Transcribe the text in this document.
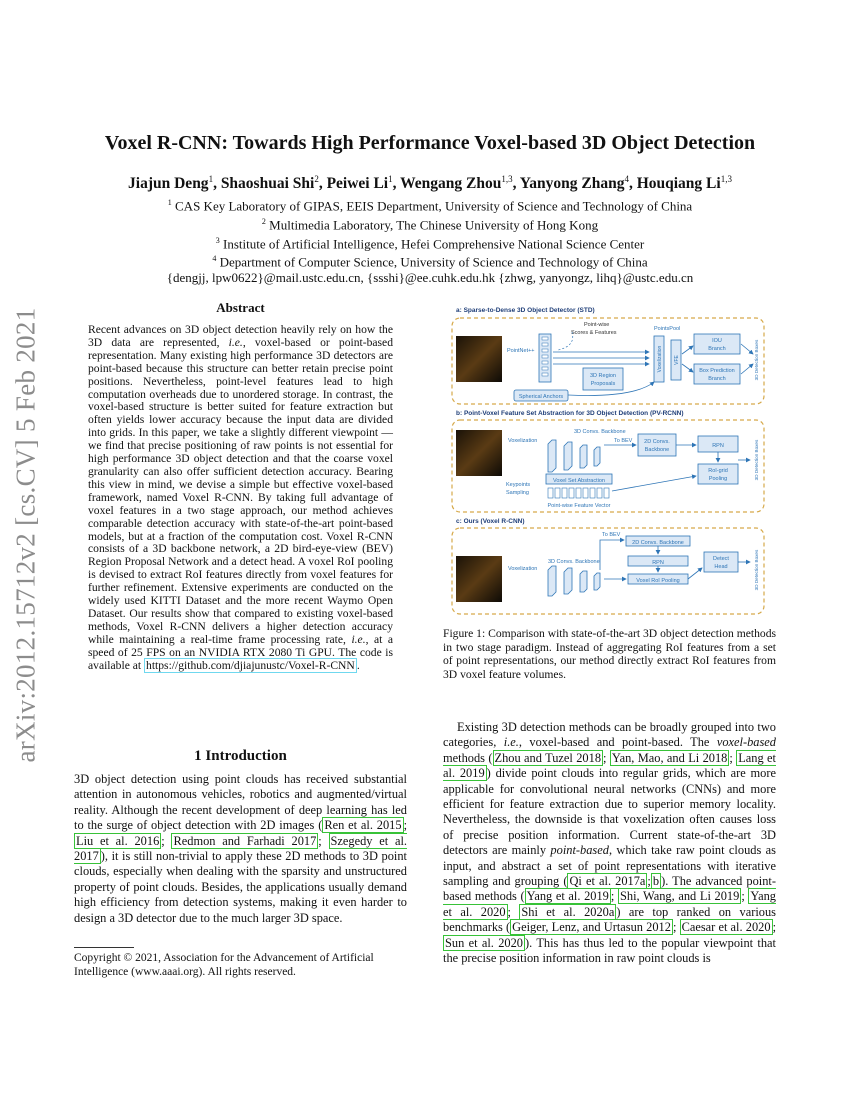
arXiv:2012.15712v2 [cs.CV] 5 Feb 2021
Voxel R-CNN: Towards High Performance Voxel-based 3D Object Detection
Jiajun Deng$^1$, Shaoshuai Shi$^2$, Peiwei Li$^1$, Wengang Zhou$^{1,3}$, Yanyong Zhang$^4$, Houqiang Li$^{1,3}$
$^1$ CAS Key Laboratory of GIPAS, EEIS Department, University of Science and Technology of China
$^2$ Multimedia Laboratory, The Chinese University of Hong Kong
$^3$ Institute of Artificial Intelligence, Hefei Comprehensive National Science Center
$^4$ Department of Computer Science, University of Science and Technology of China
{dengjj, lpw0622}@mail.ustc.edu.cn, {ssshi}@ee.cuhk.edu.hk {zhwg, yanyongz, lihq}@ustc.edu.cn
Abstract
Recent advances on 3D object detection heavily rely on how the 3D data are represented, i.e., voxel-based or point-based representation. Many existing high performance 3D detectors are point-based because this structure can better retain precise point positions. Nevertheless, point-level features lead to high computation overheads due to unordered storage. In contrast, the voxel-based structure is better suited for feature extraction but often yields lower accuracy because the input data are divided into grids. In this paper, we take a slightly different viewpoint — we find that precise positioning of raw points is not essential for high performance 3D object detection and that the coarse voxel granularity can also offer sufficient detection accuracy. Bearing this view in mind, we devise a simple but effective voxel-based framework, named Voxel R-CNN. By taking full advantage of voxel features in a two stage approach, our method achieves comparable detection accuracy with state-of-the-art point-based models, but at a fraction of the computation cost. Voxel R-CNN consists of a 3D backbone network, a 2D bird-eye-view (BEV) Region Proposal Network and a detect head. A voxel RoI pooling is devised to extract RoI features directly from voxel features for further refinement. Extensive experiments are conducted on the widely used KITTI Dataset and the more recent Waymo Open Dataset. Our results show that compared to existing voxel-based methods, Voxel R-CNN delivers a higher detection accuracy while maintaining a real-time frame processing rate, i.e., at a speed of 25 FPS on an NVIDIA RTX 2080 Ti GPU. The code is available at https://github.com/djiajunustc/Voxel-R-CNN .
1 Introduction

3D object detection using point clouds has received substantial attention in autonomous vehicles, robotics and augmented/virtual reality. Although the recent development of deep learning has led to the surge of object detection with 2D images ( Ren et al. 2015 ; Liu et al. 2016 ; Redmon and Farhadi 2017 ; Szegedy et al. 2017 ), it is still non-trivial to apply these 2D methods to 3D point clouds, especially when dealing with the sparsity and unstructured property of point clouds. Besides, the applications usually demand high efficiency from detection systems, making it even harder to design a 3D detector due to the much larger 3D space.

Copyright © 2021, Association for the Advancement of Artificial Intelligence (www.aaai.org). All rights reserved.
a: Sparse-to-Dense 3D Object Detector (STD)
PointNet++
Point-wise
Scores & Features
3D Region
Proposals
PointsPool
Voxelization VFE
IOU
Branch
Box Prediction
Branch	3D Detection Boxes
Spherical Anchors
b: Point-Voxel Feature Set Abstraction for 3D Object Detection (PV-RCNN)
Voxelization
3D Convs. Backbone
To BEV 2D Convs.
Backbone
RPN
RoI-grid
Pooling	3D Detection Boxes
Voxel Set Abstraction
Keypoints
Sampling
Point-wise Feature Vector
c: Ours (Voxel R-CNN)
Voxelization
3D Convs. Backbone
To BEV
2D Convs. Backbone
RPN
Voxel RoI Pooling
Detect
Head	3D Detection Boxes
Figure 1: Comparison with state-of-the-art 3D object detection methods in two stage paradigm. Instead of aggregating RoI features from a set of point representations, our method directly extract RoI features from 3D voxel feature volumes.

Existing 3D detection methods can be broadly grouped into two categories, i.e., voxel-based and point-based. The voxel-based methods ( Zhou and Tuzel 2018 ; Yan, Mao, and Li 2018 ; Lang et al. 2019 ) divide point clouds into regular grids, which are more applicable for convolutional neural networks (CNNs) and more efficient for feature extraction due to superior memory locality. Nevertheless, the downside is that voxelization often causes loss of precise position information. Current state-of-the-art 3D detectors are mainly point-based, which take raw point clouds as input, and abstract a set of point representations with iterative sampling and grouping ( Qi et al. 2017a ; b ). The advanced point-based methods ( Yang et al. 2019 ; Shi, Wang, and Li 2019 ; Yang et al. 2020 ; Shi et al. 2020a ) are top ranked on various benchmarks ( Geiger, Lenz, and Urtasun 2012 ; Caesar et al. 2020 ; Sun et al. 2020 ). This has thus led to the popular viewpoint that the precise position information in raw point clouds is
